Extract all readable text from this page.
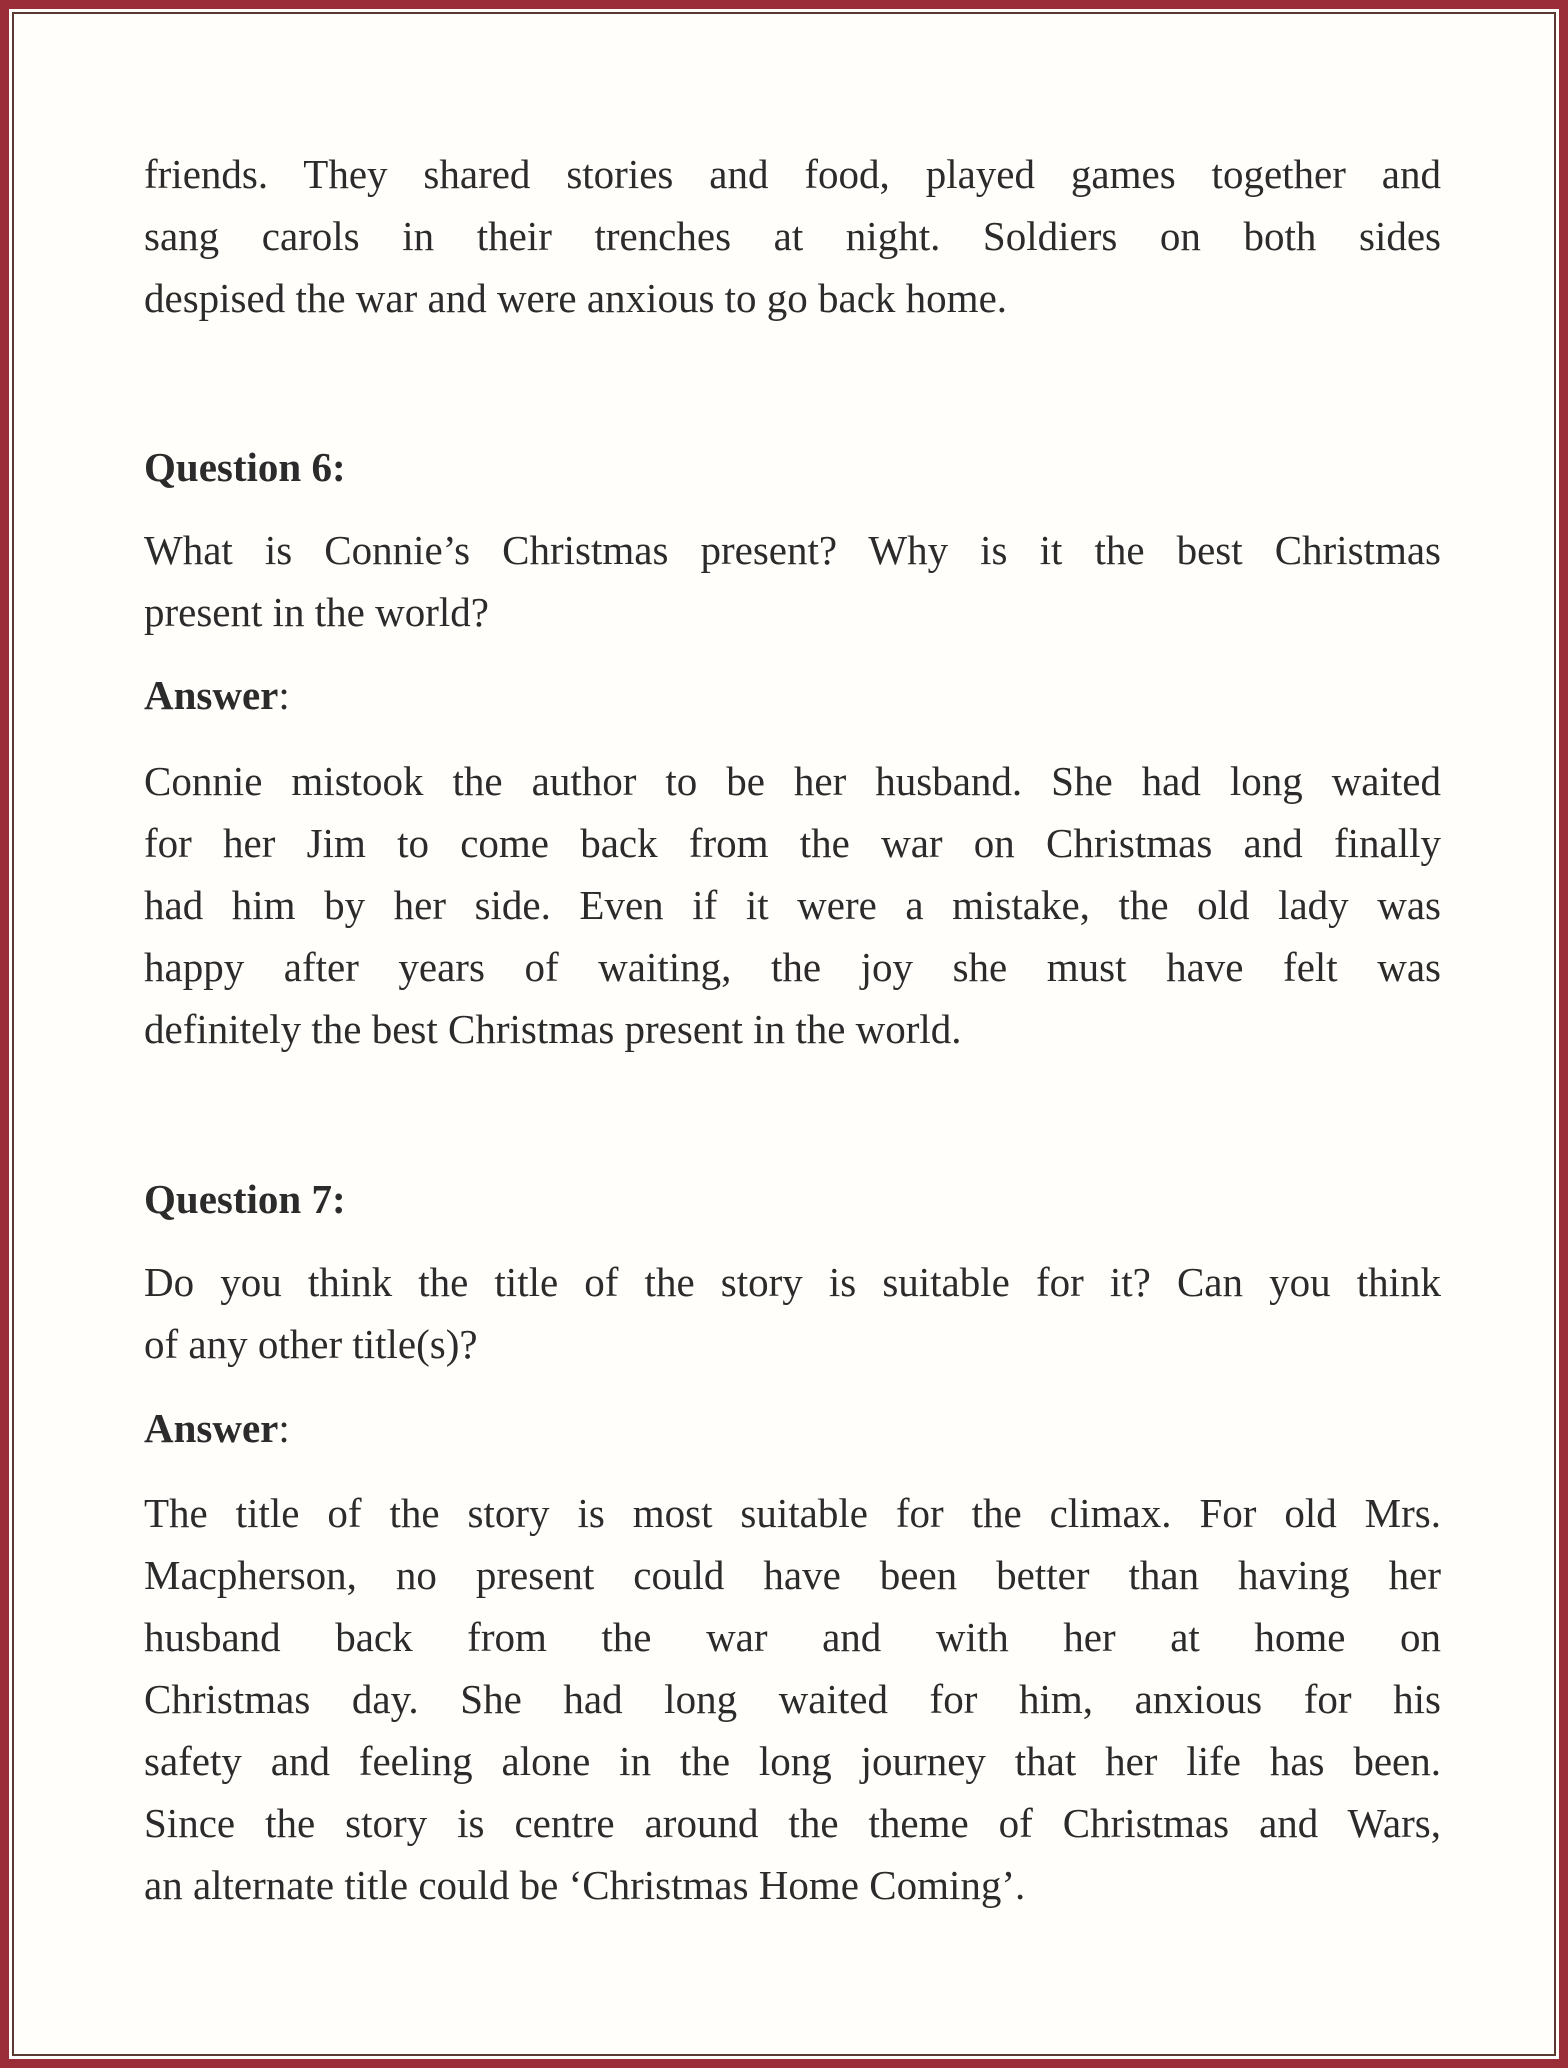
friends. They shared stories and food, played games together and
sang carols in their trenches at night. Soldiers on both sides
despised the war and were anxious to go back home.
Question 6:
What is Connie’s Christmas present? Why is it the best Christmas
present in the world?
Answer:
Connie mistook the author to be her husband. She had long waited
for her Jim to come back from the war on Christmas and finally
had him by her side. Even if it were a mistake, the old lady was
happy after years of waiting, the joy she must have felt was
definitely the best Christmas present in the world.
Question 7:
Do you think the title of the story is suitable for it? Can you think
of any other title(s)?
Answer:
The title of the story is most suitable for the climax. For old Mrs.
Macpherson, no present could have been better than having her
husband back from the war and with her at home on
Christmas day. She had long waited for him, anxious for his
safety and feeling alone in the long journey that her life has been.
Since the story is centre around the theme of Christmas and Wars,
an alternate title could be ‘Christmas Home Coming’.
